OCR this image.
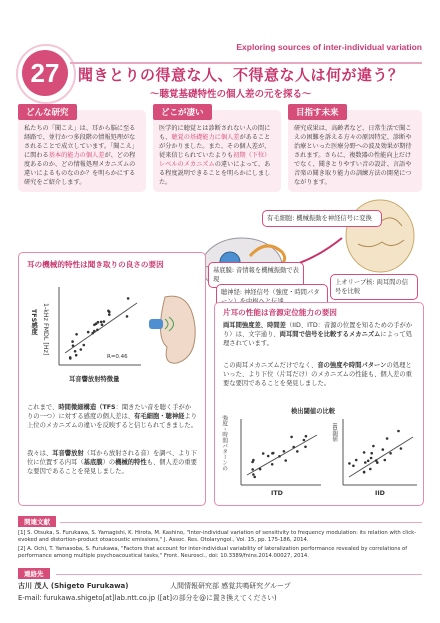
27
Exploring sources of inter-individual variation
聞きとりの得意な人、不得意な人は何が違う？
～聴覚基礎特性の個人差の元を探る～
どんな研究
私たちの「聞こえ」は、耳から脳に至る経路で、並行かつ多段階の情報処理がなされることで成立しています。「聞こえ」に関わる基本的能力の個人差が、どの程度あるのか、どの情報処理メカニズムの違いによるものなのか？を明らかにする研究をご紹介します。
どこが凄い
医学的に聴覚とは診断されない人の間にも、聴覚の基礎能力に個人差があることが分かりました。また、その個人差が、従来信じられていたよりも初期（下位）レベルのメカニズムの違いによって、ある程度説明できることを明らかにしました。
目指す未来
研究成果は、高齢者など、日常生活で聞こえの困難を訴える方々の原因特定、診断や治療といった医療分野への波及効果が期待されます。さらに、複数器の性能向上だけでなく、聞きとりやすい音の設計、言語や音楽の聞き取り能力の訓練方法の開発につながります。
有毛細胞: 機械振動を神経信号に変換
基底膜: 音情報を機械振動で表現
聴神経: 神経信号（強度・時間パタ
上オリーブ核: 両耳間の信号を比較
耳の機械的特性は聞き取りの良さの要因
TFS感度 1-kHz FMDL [Hz]
R=0.46
耳音響放射特徴量
これまで、時間微細構造（TFS：聞きたい音を聴く手がかりの一つ）に対する感度の個人差は、有毛細胞・聴神経より上位のメカニズムの違いを反映すると信じられてきました。
我々は、耳音響放射（耳から放射される音）を調べ、より下位に位置する内耳（基底膜）の機械的特性も、個人差の重要な要因であることを発見しました。
片耳の性能は音源定位能力の要因
両耳間強度差、時間差（IID、ITD：音源の位置を知るための手がかり）は、文字通り、両耳間で信号を比較するメカニズムによって処理されています。
この両耳メカニズムだけでなく、音の強度や時間パターンの処理といった、より下位（片耳だけ）のメカニズムの性能も、個人差の重要な要因であることを発見しました。
検出閾値の比較
強度・時間パターンの	IID閾値
ITD	IID
関連文献
[1] S. Otsuka, S. Furukawa, S. Yamagishi, K. Hirota, M. Kashino, "Inter-individual variation of sensitivity to frequency modulation: its relation with click-evoked and distortion-product otoacoustic emissions," J. Assoc. Res. Otolaryngol., Vol. 15, pp. 175-186, 2014.
[2] A. Ochi, T. Yamasoba, S. Furukawa, "Factors that account for inter-individual variability of lateralization performance revealed by correlations of performance among multiple psychoacoustical tasks," Front. Neurosci., doi: 10.3389/fnins.2014.00027, 2014.
連絡先
古川 茂人 (Shigeto Furukawa)	人間情報研究部 感覚共鳴研究グループ
E-mail: furukawa.shigeto[at]lab.ntt.co.jp ([at]の部分を@に置き換えてください)
